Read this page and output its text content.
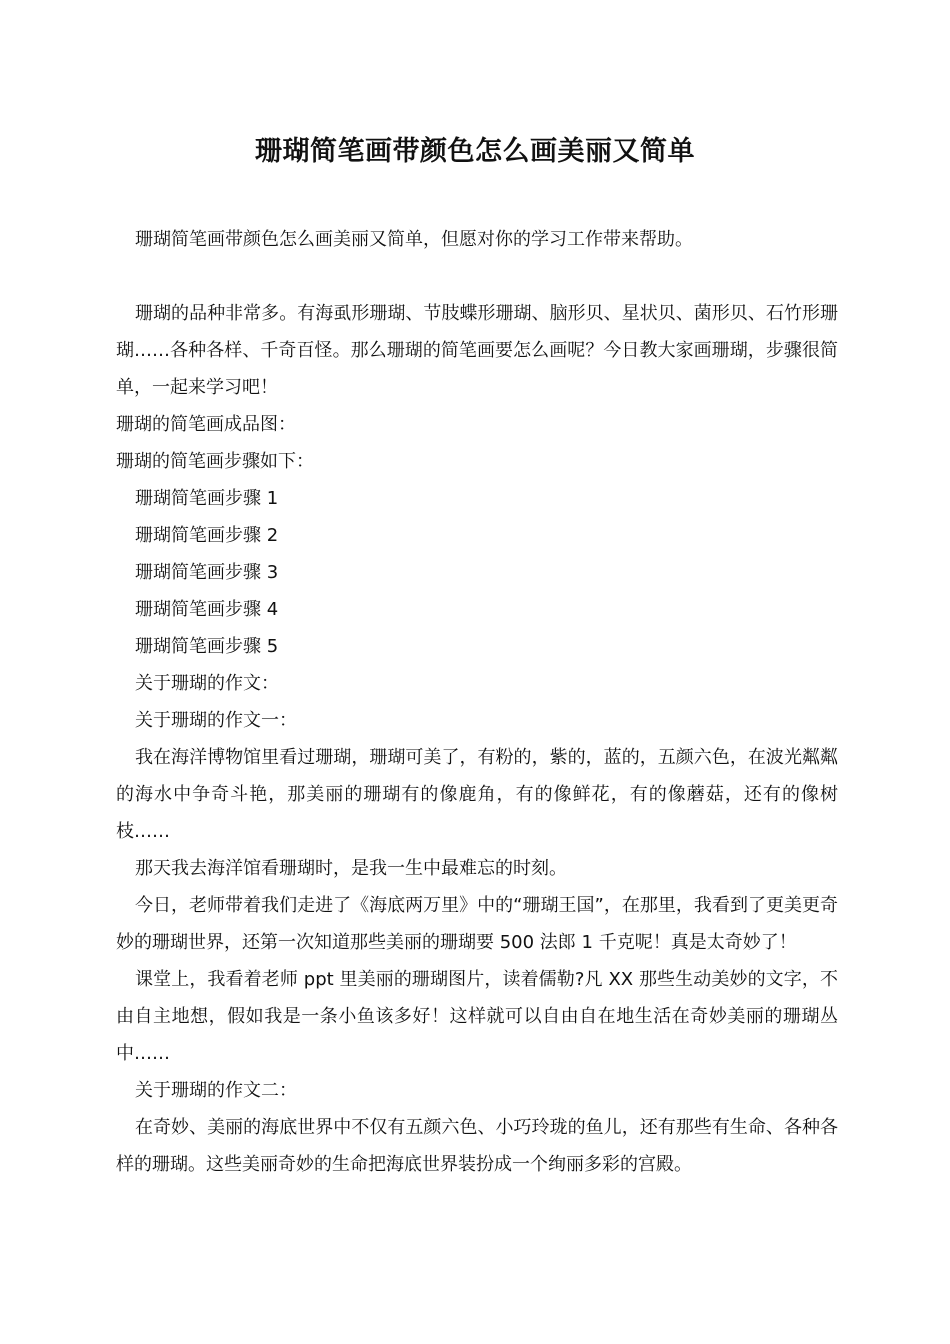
珊瑚简笔画带颜色怎么画美丽又简单

珊瑚简笔画带颜色怎么画美丽又简单，但愿对你的学习工作带来帮助。

珊瑚的品种非常多。有海虱形珊瑚、节肢蝶形珊瑚、脑形贝、星状贝、菌形贝、石竹形珊瑚……各种各样、千奇百怪。那么珊瑚的简笔画要怎么画呢？今日教大家画珊瑚，步骤很简单，一起来学习吧！

珊瑚的简笔画成品图：

珊瑚的简笔画步骤如下：

珊瑚简笔画步骤 1

珊瑚简笔画步骤 2

珊瑚简笔画步骤 3

珊瑚简笔画步骤 4

珊瑚简笔画步骤 5

关于珊瑚的作文：

关于珊瑚的作文一：

我在海洋博物馆里看过珊瑚，珊瑚可美了，有粉的，紫的，蓝的，五颜六色，在波光粼粼的海水中争奇斗艳，那美丽的珊瑚有的像鹿角，有的像鲜花，有的像蘑菇，还有的像树枝……

那天我去海洋馆看珊瑚时，是我一生中最难忘的时刻。

今日，老师带着我们走进了《海底两万里》中的“珊瑚王国”，在那里，我看到了更美更奇妙的珊瑚世界，还第一次知道那些美丽的珊瑚要 500 法郎 1 千克呢！真是太奇妙了！

课堂上，我看着老师 ppt 里美丽的珊瑚图片，读着儒勒?凡 XX 那些生动美妙的文字，不由自主地想，假如我是一条小鱼该多好！这样就可以自由自在地生活在奇妙美丽的珊瑚丛中……

关于珊瑚的作文二：

在奇妙、美丽的海底世界中不仅有五颜六色、小巧玲珑的鱼儿，还有那些有生命、各种各样的珊瑚。这些美丽奇妙的生命把海底世界装扮成一个绚丽多彩的宫殿。
